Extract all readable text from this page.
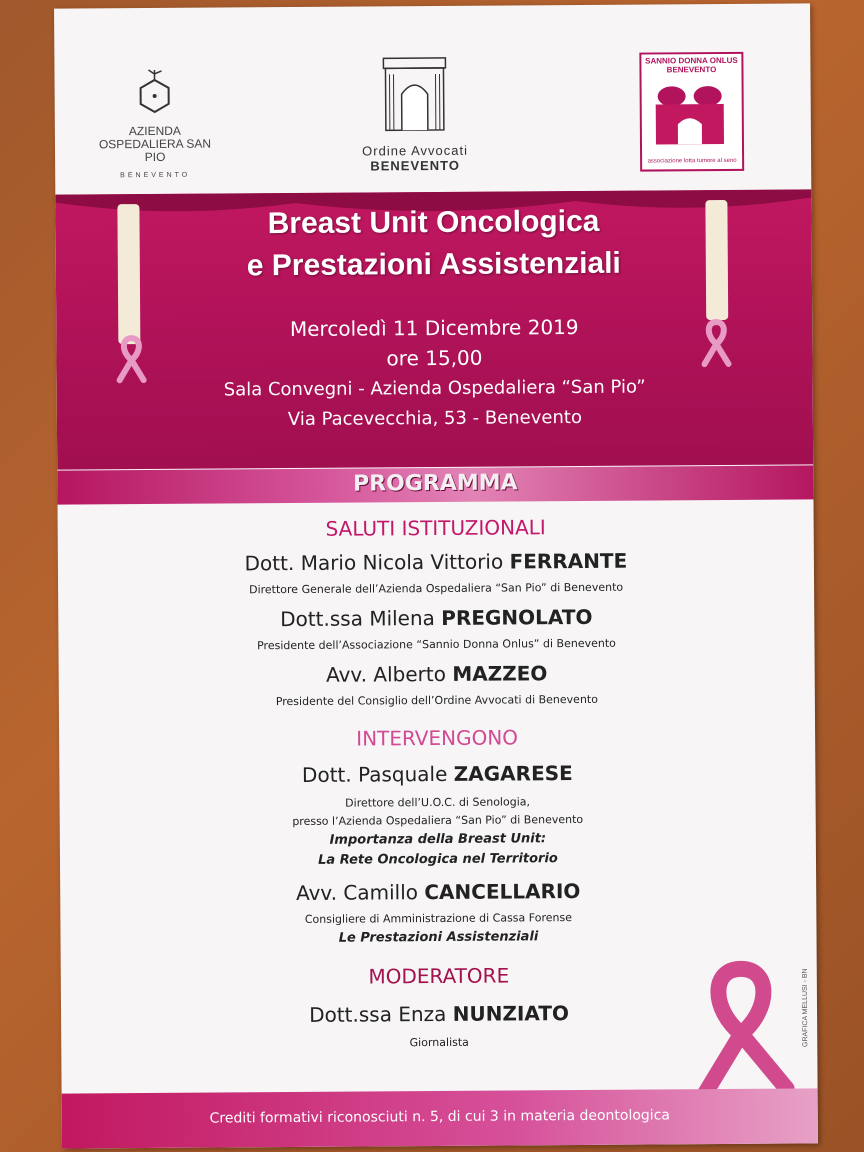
AZIENDA OSPEDALIERA SAN PIO
BENEVENTO
Ordine Avvocati
BENEVENTO
SANNIO DONNA ONLUS BENEVENTO
associazione lotta tumore al seno
Breast Unit Oncologica
e Prestazioni Assistenziali
Mercoledì 11 Dicembre 2019
ore 15,00
Sala Convegni - Azienda Ospedaliera “San Pio”
Via Pacevecchia, 53 - Benevento
PROGRAMMA
SALUTI ISTITUZIONALI
Dott. Mario Nicola Vittorio FERRANTE
Direttore Generale dell’Azienda Ospedaliera “San Pio” di Benevento
Dott.ssa Milena PREGNOLATO
Presidente dell’Associazione “Sannio Donna Onlus” di Benevento
Avv. Alberto MAZZEO
Presidente del Consiglio dell’Ordine Avvocati di Benevento
INTERVENGONO
Dott. Pasquale ZAGARESE
Direttore dell’U.O.C. di Senologia,
presso l’Azienda Ospedaliera “San Pio” di Benevento
Importanza della Breast Unit:
La Rete Oncologica nel Territorio
Avv. Camillo CANCELLARIO
Consigliere di Amministrazione di Cassa Forense
Le Prestazioni Assistenziali
MODERATORE
Dott.ssa Enza NUNZIATO
Giornalista	GRAFICA MELLUSI - BN
Crediti formativi riconosciuti n. 5, di cui 3 in materia deontologica
